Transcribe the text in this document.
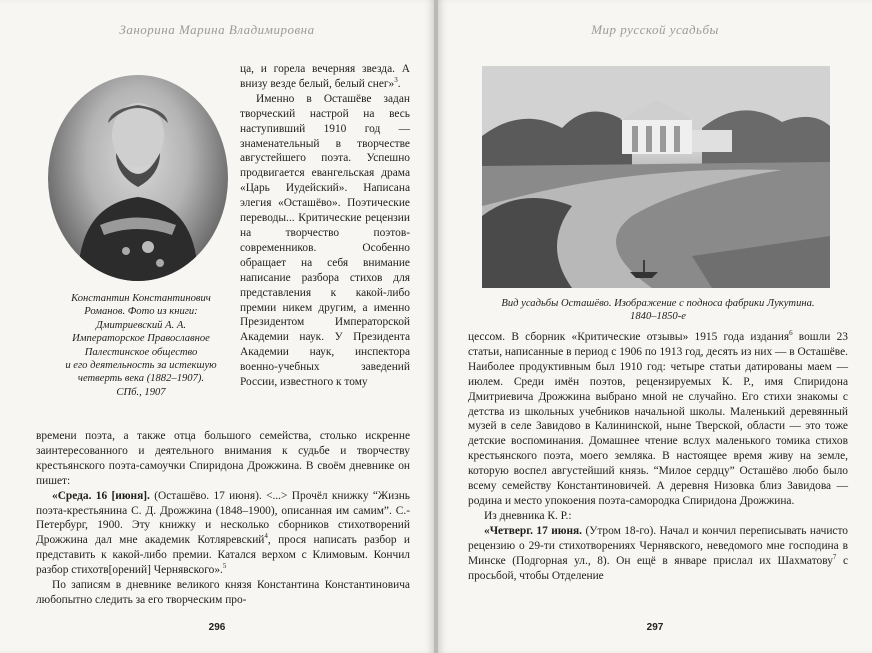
Занорина Марина Владимировна
Константин Константинович
Романов. Фото из книги:
Дмитриевский А. А.
Императорское Православное
Палестинское общество
и его деятельность за истекшую
четверть века (1882–1907).
СПб., 1907

ца, и горела вечерняя звезда. А внизу везде белый, белый снег»$^3$.

Именно в Осташёве задан творческий настрой на весь наступивший 1910 год — знаменательный в творчестве августейшего поэта. Успешно продвигается евангельская драма «Царь Иудейский». Написана элегия «Осташёво». Поэтические переводы... Критические рецензии на творчество поэтов-современников. Особенно обращает на себя внимание написание разбора стихов для представления к какой-либо премии никем другим, а именно Президентом Императорской Академии наук. У Президента Академии наук, инспектора военно-учебных заведений России, известного к тому

времени поэта, а также отца большого семейства, столько искренне заинтересованного и деятельного внимания к судьбе и творчеству крестьянского поэта-самоучки Спиридона Дрожжина. В своём дневнике он пишет:

«Среда. 16 [июня]. (Осташёво. 17 июня). <...> Прочёл книжку “Жизнь поэта-крестьянина С. Д. Дрожжина (1848–1900), описанная им самим”. С.-Петербург, 1900. Эту книжку и несколько сборников стихотворений Дрожжина дал мне академик Котляревский$^4$, прося написать разбор и представить к какой-либо премии. Катался верхом с Климовым. Кончил разбор стихотв[орений] Чернявского».$^5$

По записям в дневнике великого князя Константина Константиновича любопытно следить за его творческим про-

296
Мир русской усадьбы
Вид усадьбы Осташёво. Изображение с подноса фабрики Лукутина.
1840–1850-е

цессом. В сборник «Критические отзывы» 1915 года издания$^6$ вошли 23 статьи, написанные в период с 1906 по 1913 год, десять из них — в Осташёве. Наиболее продуктивным был 1910 год: четыре статьи датированы маем — июлем. Среди имён поэтов, рецензируемых К. Р., имя Спиридона Дмитриевича Дрожжина выбрано мной не случайно. Его стихи знакомы с детства из школьных учебников начальной школы. Маленький деревянный музей в селе Завидово в Калининской, ныне Тверской, области — это тоже детские воспоминания. Домашнее чтение вслух маленького томика стихов крестьянского поэта, моего земляка. В настоящее время живу на земле, которую воспел августейший князь. “Милое сердцу” Осташёво любо было всему семейству Константиновичей. А деревня Низовка близ Завидова — родина и место упокоения поэта-самородка Спиридона Дрожжина.

Из дневника К. Р.:

«Четверг. 17 июня. (Утром 18-го). Начал и кончил переписывать начисто рецензию о 29-ти стихотворениях Чернявского, неведомого мне господина в Минске (Подгорная ул., 8). Он ещё в январе прислал их Шахматову$^7$ с просьбой, чтобы Отделение

297
